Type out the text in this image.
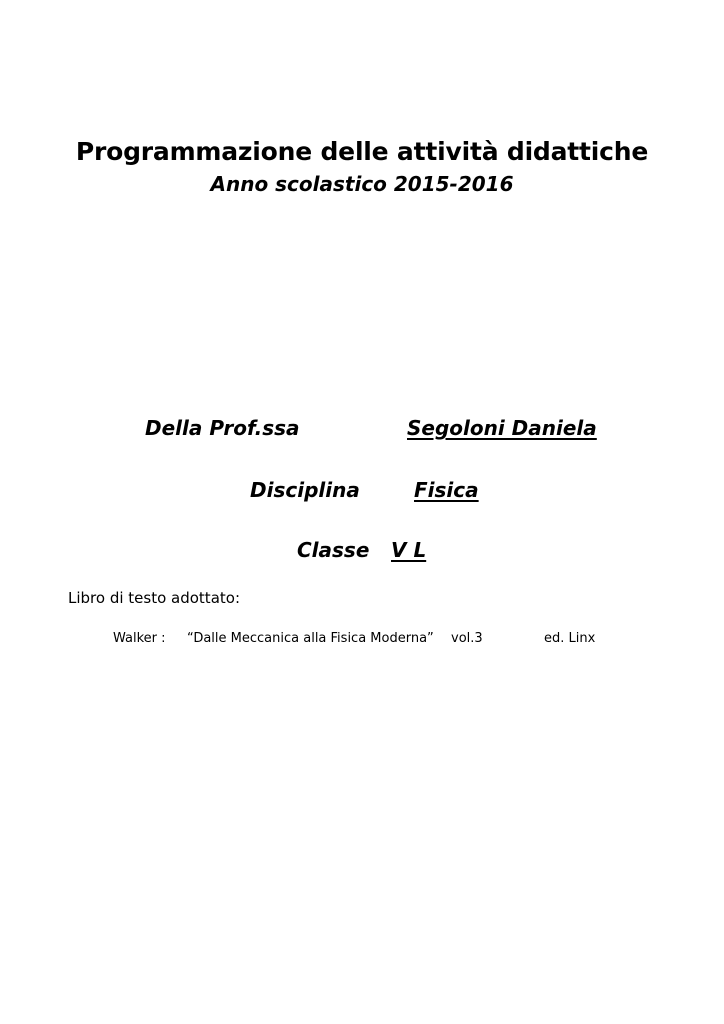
Programmazione delle attività didattiche
Anno scolastico 2015-2016
Della Prof.ssa	Segoloni Daniela
Disciplina	Fisica
Classe V L
Libro di testo adottato:
Walker : “Dalle Meccanica alla Fisica Moderna” vol.3	ed. Linx
